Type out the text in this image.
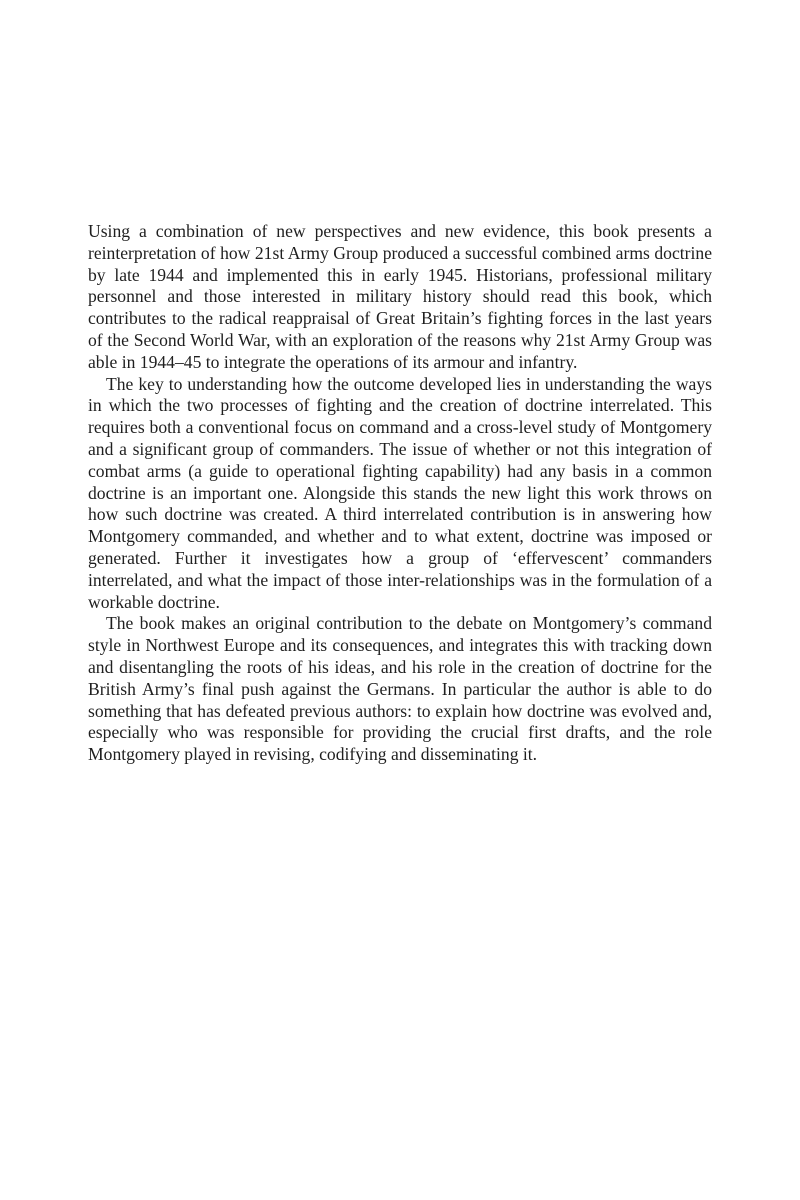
Using a combination of new perspectives and new evidence, this book presents a reinterpretation of how 21st Army Group produced a successful combined arms doctrine by late 1944 and implemented this in early 1945. Historians, professional military personnel and those interested in military history should read this book, which contributes to the radical reappraisal of Great Britain’s fighting forces in the last years of the Second World War, with an exploration of the reasons why 21st Army Group was able in 1944–45 to integrate the operations of its armour and infantry.

The key to understanding how the outcome developed lies in understanding the ways in which the two processes of fighting and the creation of doctrine interrelated. This requires both a conventional focus on command and a cross-level study of Montgomery and a significant group of commanders. The issue of whether or not this integration of combat arms (a guide to operational fighting capability) had any basis in a common doctrine is an important one. Alongside this stands the new light this work throws on how such doctrine was created. A third interrelated contribution is in answering how Montgomery commanded, and whether and to what extent, doctrine was imposed or generated. Further it investigates how a group of ‘effervescent’ commanders interrelated, and what the impact of those inter-relationships was in the formulation of a workable doctrine.

The book makes an original contribution to the debate on Montgomery’s command style in Northwest Europe and its consequences, and integrates this with tracking down and disentangling the roots of his ideas, and his role in the creation of doctrine for the British Army’s final push against the Germans. In particular the author is able to do something that has defeated previous authors: to explain how doctrine was evolved and, especially who was responsible for providing the crucial first drafts, and the role Montgomery played in revising, codifying and disseminating it.
